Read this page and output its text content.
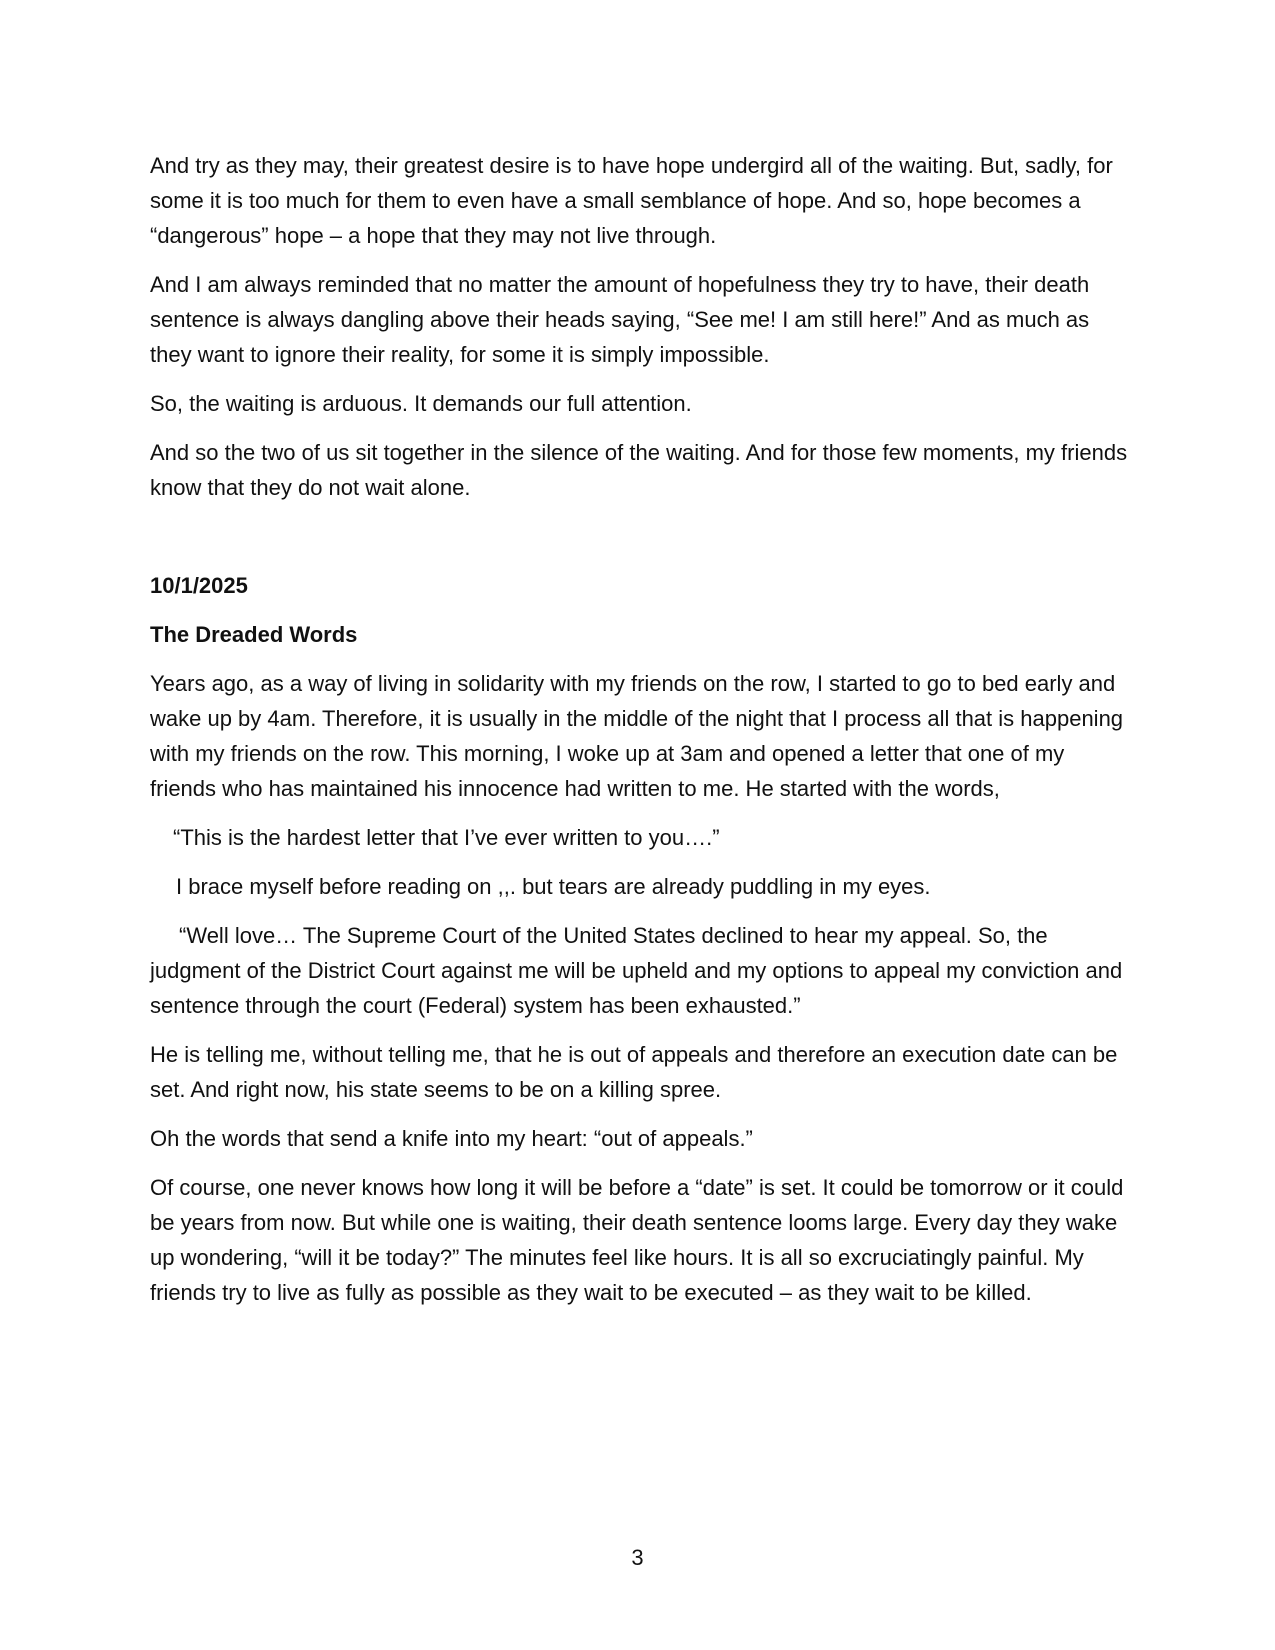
And try as they may, their greatest desire is to have hope undergird all of the waiting. But, sadly, for some it is too much for them to even have a small semblance of hope. And so, hope becomes a “dangerous” hope – a hope that they may not live through.

And I am always reminded that no matter the amount of hopefulness they try to have, their death sentence is always dangling above their heads saying, “See me! I am still here!” And as much as they want to ignore their reality, for some it is simply impossible.

So, the waiting is arduous. It demands our full attention.

And so the two of us sit together in the silence of the waiting. And for those few moments, my friends know that they do not wait alone.

10/1/2025

The Dreaded Words

Years ago, as a way of living in solidarity with my friends on the row, I started to go to bed early and wake up by 4am. Therefore, it is usually in the middle of the night that I process all that is happening with my friends on the row. This morning, I woke up at 3am and opened a letter that one of my friends who has maintained his innocence had written to me. He started with the words,

“This is the hardest letter that I’ve ever written to you….”

I brace myself before reading on ,,. but tears are already puddling in my eyes.

“Well love… The Supreme Court of the United States declined to hear my appeal. So, the judgment of the District Court against me will be upheld and my options to appeal my conviction and sentence through the court (Federal) system has been exhausted.”

He is telling me, without telling me, that he is out of appeals and therefore an execution date can be set. And right now, his state seems to be on a killing spree.

Oh the words that send a knife into my heart: “out of appeals.”

Of course, one never knows how long it will be before a “date” is set. It could be tomorrow or it could be years from now. But while one is waiting, their death sentence looms large. Every day they wake up wondering, “will it be today?” The minutes feel like hours. It is all so excruciatingly painful. My friends try to live as fully as possible as they wait to be executed – as they wait to be killed.

3
